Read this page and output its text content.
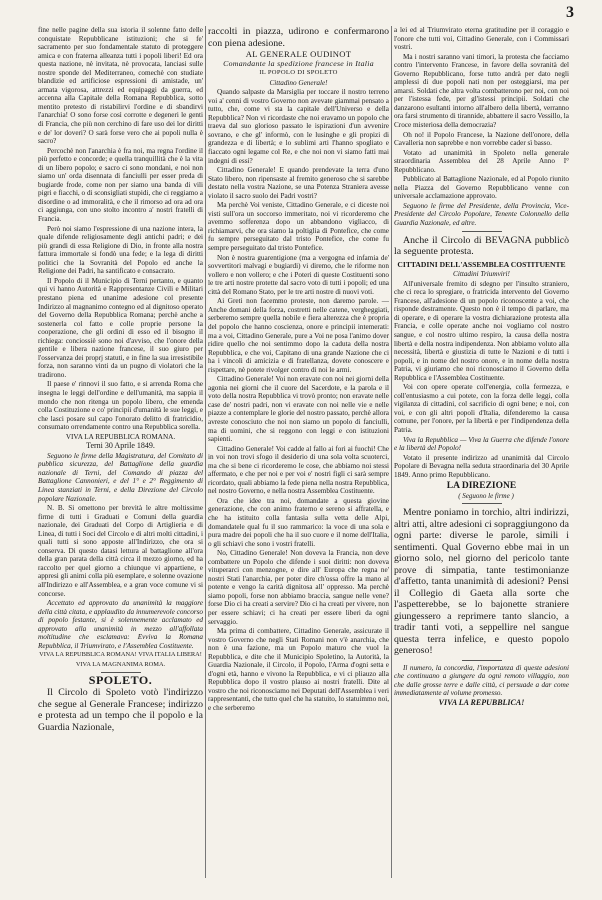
3

fine nelle pagine della sua istoria il solenne fatto delle conquistate Repubblicane istituzioni; che si fe' sacramento per suo fondamentale statuto di proteggere amica e con fraterna alleanza tutti i popoli liberi! Ed ora questa nazione, nè invitata, nè provocata, lanciasi sulle nostre sponde del Mediterraneo, comechè con studiate blandizie ed artificiose espressioni di amistade, un' armata vigorosa, attrezzi ed equipaggi da guerra, ed accenna alla Capitale della Romana Repubblica, sotto mentito pretesto di ristabilirvi l'ordine e di sbandirvi l'anarchia! O sono forse così corrotte e degeneri le genti di Francia, che più non cerchino di fare uso dei lor diritti e de' lor doveri? O sarà forse vero che ai popoli nulla è sacro?

Percochè non l'anarchia è fra noi, ma regna l'ordine il più perfetto e concorde; e quella tranquillità che è la vita di un libero popolo; e sacro ci sono mondani, e noi non siamo un' orda disennata di fanciulli per esser preda di bugiarde frode, come non per siamo una banda di vili pigri e fiacchi, o di sconsigliati stupidi, che ci reggiamo a disordine o ad immoralità, e che il rimorso ad ora ad ora ci aggiunga, con uno stolto incontro a' nostri fratelli di Francia.

Però noi siamo l'espressione di una nazione intera, la quale difende religiosamente degli antichi padri; e dei più grandi di essa Religione di Dio, in fronte alla nostra fattura immortale si fondò una fede; e la lega di diritti politici che la Sovranità del Popolo ed anche la Religione dei Padri, ha santificato e consacrato.

Il Popolo di il Municipio di Terni pertanto, e quanto qui vi hanno Autorità e Rappresentanze Civili e Militari prestano piena ed unanime adesione col presente Indirizzo al magnanimo contegno ed al dignitoso operato del Governo della Repubblica Romana; perchè anche a sostenerla col fatto e colle proprie persone la cooperazione, che gli ordini di esso ed il bisogno il richiega: conciossiè sono noi d'avviso, che l'onore della gentile e libera nazione francese, il suo giuro per l'osservanza dei proprj statuti, e in fine la sua irresistibile forza, non saranno vinti da un pugno di violatori che la tradirono.

Il paese e' rinnovi il suo fatto, e si arrenda Roma che insegna le leggi dell'ordine e dell'umanità, ma sappia il mondo che non ritenga un popolo libero, che emenda colla Costituzione e co' principii d'umanità le sue leggi, e che lasci posare sul capo l'onorato delitto di fratricidio, consumato orrendamente contro una Repubblica sorella.

VIVA LA REPUBBLICA ROMANA.

Terni 30 Aprile 1849.

Seguono le firme della Magistratura, del Comitato di pubblica sicurezza, del Battaglione della guardia nazionale di Terni, del Comando di piazza del Battaglione Cannonieri, e del 1° e 2° Reggimento di Linea stanziati in Terni, e della Direzione del Circolo popolare Nazionale.

N. B. Si omettono per brevità le altre moltissime firme di tutti i Graduati e Comuni della guardia nazionale, dei Graduati del Corpo di Artiglieria e di Linea, di tutti i Soci del Circolo e di altri molti cittadini, i quali tutti si sono apposte all'Indirizzo, che ora si conserva. Di questo datasi lettura al battaglione all'ora della gran parata della città circa il mezzo giorno, ed ha raccolto per quel giorno a chiunque vi appartiene, e appresi gli animi colla più esemplare, e solenne ovazione all'Indirizzo e all'Assemblea, e a gran voce comune vi si concorse.

Accettato ed approvato da unanimità la maggiore della città citata, e applaudito da innumerevole concorso di popolo festante, si è solennemente acclamato ed approvato alla unanimità in mezzo all'affollata moltitudine che esclamava: Evviva la Romana Repubblica, il Triumvirato, e l'Assemblea Costituente.

VIVA LA REPUBBLICA ROMANA! VIVA ITALIA LIBERA!

VIVA LA MAGNANIMA ROMA.

SPOLETO.

Il Circolo di Spoleto votò l'indirizzo che segue al Generale Francese; indirizzo e protesta ad un tempo che il popolo e la Guardia Nazionale,

raccolti in piazza, udirono e confermarono con piena adesione.

AL GENERALE OUDINOT
Comandante la spedizione francese in Italia
IL POPOLO DI SPOLETO

Cittadino Generale!

Quando salpaste da Marsiglia per toccare il nostro terreno voi a' cenni di vostro Governo non avevate giammai pensato a tutto, che, come vi sta la capitale dell'Universo e della Repubblica? Non vi ricordaste che noi eravamo un popolo che traeva dal suo glorioso passato le ispirazioni d'un avvenire sovrano, e che gl' informò, con le lusinghe e gli propizi di grandezza e di libertà; e lo sublimi arti l'hanno spogliato e fiaccato ogni legame col Re, e che noi non vi siamo fatti mai indegni di essi?

Cittadino Generale! E quando prendevate la terra d'uno Stato libero, non ripensaste al fremito generoso che si sarebbe destato nella vostra Nazione, se una Potenza Straniera avesse violato il sacro suolo dei Padri vostri?

Ma perchè Voi veniste, Cittadino Generale, e ci diceste noi visti sull'ora un soccorso immeritato, noi vi ricorderemo che avemmo sofferenza dopo un abbandono vigliacco, di richiamarvi, che ora siamo la poltiglia di Pontefice, che come fu sempre perseguitato dal tristo Pontefice, che come fu sempre perseguitato dal tristo Pontefice.

Non è nostra guarentigione (ma a vergogna ed infamia de' sovvertitori malvagi e bugiardi) vi diremo, che le riforme non vollero e non vollero; e che i Poteri di queste Costituenti sono le tre arti nostre protette dal sacro voto di tutti i popoli; ed una città del Romano Stato, per le tre arti nostre di nuovi voti.

Ai Greti non facemmo proteste, non daremo parole. — Anche domani della forza, costretti nelle catene, vergheggiati, serberemo sempre quella nobile e fiera alterezza che è propria del popolo che hanno coscienza, onore e principii intemerati: ma a voi, Cittadino Generale, pure a Voi ne posa l'animo dover ridire quello che noi sentimmo dopo la caduta della nostra Repubblica, e che voi, Capitano di una grande Nazione che ci ha i vincoli di amicizia e di fratellanza, dovete conoscere e rispettare, nè potete rivolger contro di noi le armi.

Cittadino Generale! Voi non eravate con noi nei giorni della agonia nei giorni che il cuore del Sacerdote, e la parola e il voto della nostra Repubblica vi trovò pronto; non eravate nelle case de' nostri padri, non vi eravate con noi nelle vie e nelle piazze a contemplare le glorie del nostro passato, perchè allora avreste conosciuto che noi non siamo un popolo di fanciulli, ma di uomini, che si reggono con leggi e con istituzioni sapienti.

Cittadino Generale! Voi cadde al fallo ai fori ai fuochi! Che in voi non trovi sfogo il desiderio di una sola volta scuoterci, ma che si bene ci ricorderemo le cose, che abbiamo noi stessi affermato, e che per noi e per voi e' nostri figli ci sarà sempre ricordato, quali abbiamo la fede piena nella nostra Repubblica, nel nostro Governo, e nella nostra Assemblea Costituente.

Ora che idee tra noi, domandate a questa giovine generazione, che con animo fraterno e sereno si affratella, e che ha istituito colla fantasia sulla vetta delle Alpi, domandatele qual fu il suo rammarico: la voce di una sola e pura madre dei popoli che ha il suo cuore e il nome dell'Italia, o gli schiavi che sono i vostri fratelli.

No, Cittadino Generale! Non doveva la Francia, non deve combattere un Popolo che difende i suoi diritti: non doveva vituperarci con menzogne, e dire all' Europa che regna ne' nostri Stati l'anarchia, per poter dire ch'ossa offre la mano al potente e vengo la carità dignitosa all' oppresso. Ma perchè siamo popoli, forse non abbiamo braccia, sangue nelle vene? forse Dio ci ha creati a servire? Dio ci ha creati per vivere, non per essere schiavi; ci ha creati per essere liberi da ogni servaggio.

Ma prima di combattere, Cittadino Generale, assicurate il vostro Governo che negli Stati Romani non v'è anarchia, che non è una fazione, ma un Popolo maturo che vuol la Repubblica, e dite che il Municipio Spoletino, la Autorità, la Guardia Nazionale, il Circolo, il Popolo, l'Arma d'ogni setta e d'ogni età, hanno e vivono la Repubblica, e vi ci pliauzo alla Repubblica dopo il vostro plauso ai nostri fratelli. Dite al vostro che noi riconosciamo nei Deputati dell'Assemblea i veri rappresentanti, che tutto quel che ha statuito, lo statuimmo noi, e che serberemo

a lei ed al Triumvirato eterna gratitudine per il coraggio e l'onore che tutti voi, Cittadino Generale, con i Commissari vostri.

Ma i nostri saranno vani timori, la protesta che facciamo contro l'intervento Francese, in favore della sovranità del Governo Repubblicano, forse tutto andrà per dato negli amplessi di due popoli nati non per osteggiarsi, ma per amarsi. Soldati che altra volta combatterono per noi, con noi per l'istessa fede, per gl'istessi principii. Soldati che danzarono esultanti intorno all'albero della libertà, verranno ora farsi strumento di tirannide, abbattere il sacro Vessillo, la Croce misteriosa della democrazia?

Oh no! il Popolo Francese, la Nazione dell'onore, della Cavalleria non saprebbe e non vorrebbe cader sì basso.

Votato ad unanimità in Spoleto nella generale straordinaria Assemblea del 28 Aprile Anno I° Repubblicano.

Pubblicato al Battaglione Nazionale, ed al Popolo riunito nella Piazza del Governo Repubblicano venne con universale acclamazione approvato.

Seguono le firme del Presidente, della Provincia, Vice-Presidente del Circolo Popolare, Tenente Colonnello della Guardia Nazionale, ed altre.

Anche il Circolo di BEVAGNA pubblicò la seguente protesta.

CITTADINI DELL'ASSEMBLEA COSTITUENTE

Cittadini Triumviri!

All'universale fremito di sdegno per l'insulto straniero, che ci reca lo spregiare, o fratricida intervento del Governo Francese, all'adesione di un popolo riconoscente a voi, che risponde destramente. Questo non è il tempo di parlare, ma di operare, e di operare la vostra dichiarazione protesta alla Francia, e colle operate anche noi vogliamo col nostro sangue, e col nostro ultimo respiro, la causa della nostra libertà e della nostra indipendenza. Non abbiamo voluto alla necessità, libertà e giustizia di tutte le Nazioni e di tutti i popoli, e in nome del nostro onore, e in nome della nostra Patria, vi giuriamo che noi riconosciamo il Governo della Repubblica e l'Assemblea Costituente.

Voi con opere operate coll'energia, colla fermezza, e coll'entusiasmo a cui potete, con la forza delle leggi, colla vigilanza di cittadini, col sacrificio di ogni bene; e noi, con voi, e con gli altri popoli d'Italia, difenderemo la causa comune, per l'onore, per la libertà e per l'indipendenza della Patria.

Viva la Repubblica — Viva la Guerra che difende l'onore e la libertà del Popolo!

Votato il presente indirizzo ad unanimità dal Circolo Popolare di Bevagna nella seduta straordinaria del 30 Aprile 1849. Anno primo Repubblicano.

LA DIREZIONE

( Seguono le firme )

Mentre poniamo in torchio, altri indirizzi, altri atti, altre adesioni ci sopraggiungono da ogni parte: diverse le parole, simili i sentimenti. Qual Governo ebbe mai in un giorno solo, nel giorno del pericolo tante prove di simpatia, tante testimonianze d'affetto, tanta unanimità di adesioni? Pensi il Collegio di Gaeta alla sorte che l'aspetterebbe, se lo bajonette straniere giungessero a reprimere tanto slancio, a tradir tanti voti, a seppellire nel sangue questa terra infelice, e questo popolo generoso!

Il numero, la concordia, l'importanza di queste adesioni che continuano a giungere da ogni remoto villaggio, non che dalle grosse terre e dalle città, ci persuade a dar come immediatamente al volume promesso.

VIVA LA REPUBBLICA!
